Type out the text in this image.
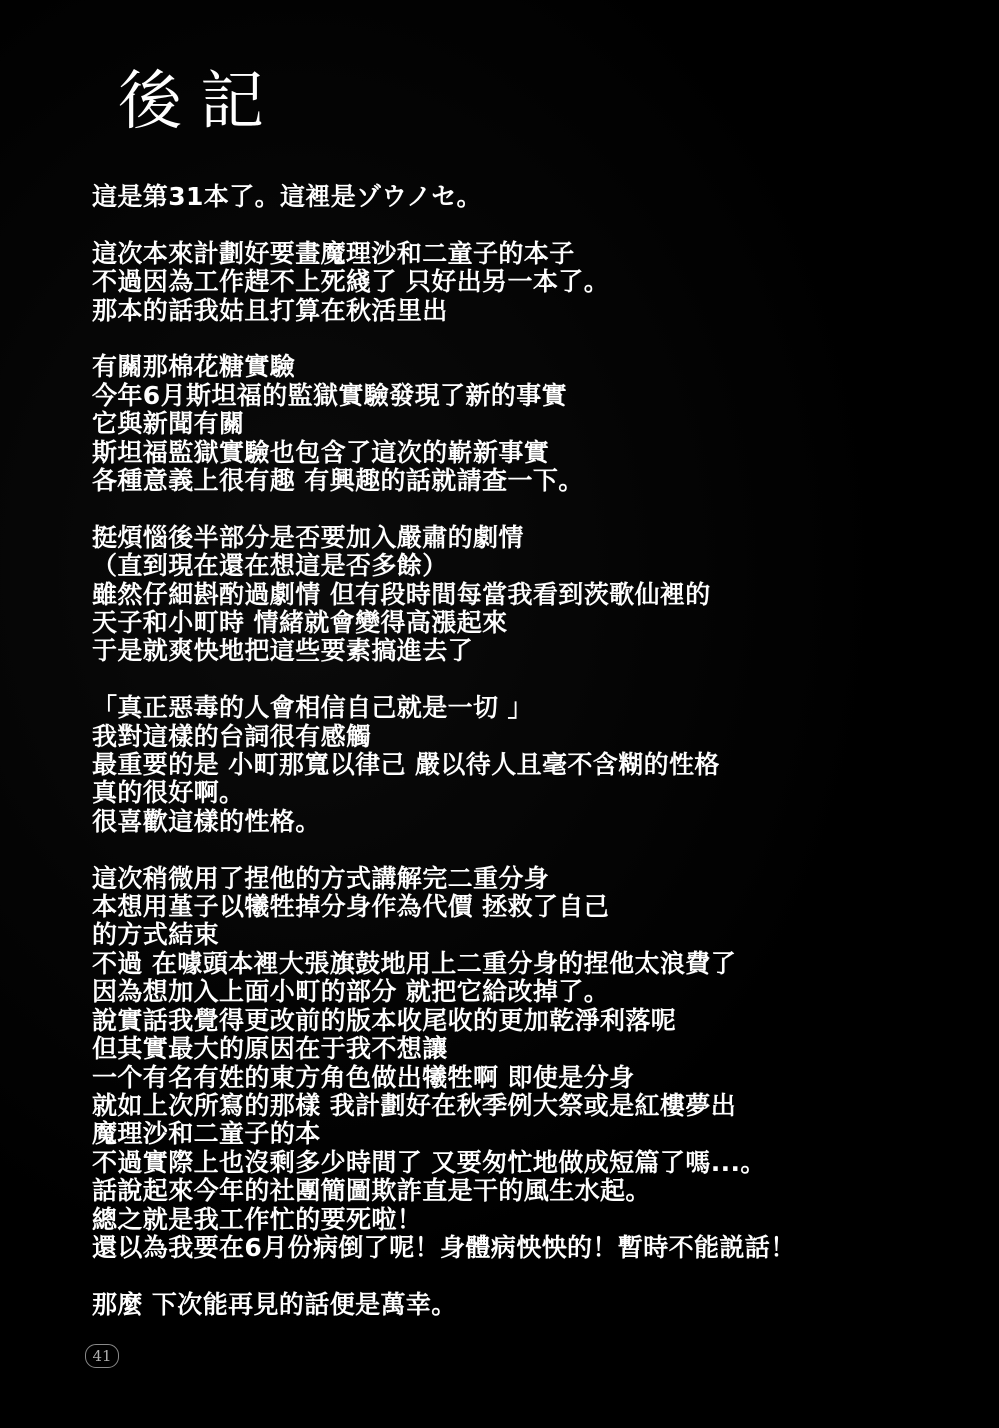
後記
這是第31本了。這裡是ゾウノセ。
這次本來計劃好要畫魔理沙和二童子的本子
不過因為工作趕不上死綫了 只好出另一本了。
那本的話我姑且打算在秋活里出
有關那棉花糖實驗
今年6月斯坦福的監獄實驗發現了新的事實
它與新聞有關
斯坦福監獄實驗也包含了這次的嶄新事實
各種意義上很有趣 有興趣的話就請查一下。
挺煩惱後半部分是否要加入嚴肅的劇情
（直到現在還在想這是否多餘）
雖然仔細斟酌過劇情 但有段時間每當我看到茨歌仙裡的
天子和小町時 情緒就會變得高漲起來
于是就爽快地把這些要素搞進去了
「真正惡毒的人會相信自己就是一切 」
我對這樣的台詞很有感觸
最重要的是 小町那寬以律己 嚴以待人且毫不含糊的性格
真的很好啊。
很喜歡這樣的性格。
這次稍微用了捏他的方式講解完二重分身
本想用堇子以犧牲掉分身作為代價 拯救了自己
的方式結束
不過 在噱頭本裡大張旗鼓地用上二重分身的捏他太浪費了
因為想加入上面小町的部分 就把它給改掉了。
說實話我覺得更改前的版本收尾收的更加乾淨利落呢
但其實最大的原因在于我不想讓
一个有名有姓的東方角色做出犧牲啊 即使是分身
就如上次所寫的那樣 我計劃好在秋季例大祭或是紅樓夢出
魔理沙和二童子的本
不過實際上也沒剩多少時間了 又要匆忙地做成短篇了嗎...。
話說起來今年的社團簡圖欺詐直是干的風生水起。
總之就是我工作忙的要死啦！
還以為我要在6月份病倒了呢！身體病怏怏的！暫時不能説話！
那麼 下次能再見的話便是萬幸。
41
